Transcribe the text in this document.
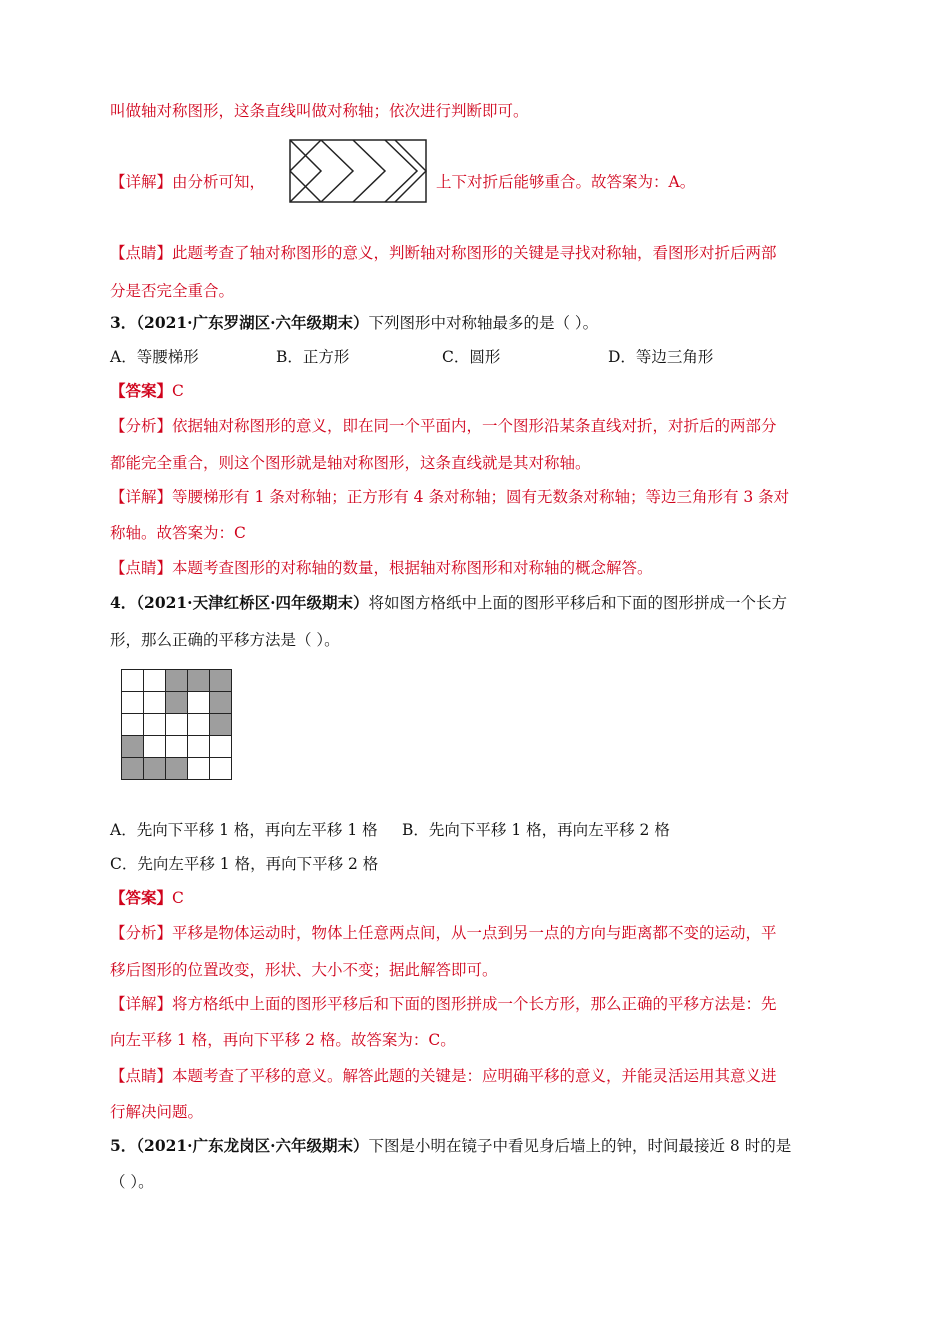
叫做轴对称图形，这条直线叫做对称轴；依次进行判断即可。
【详解】由分析可知，	上下对折后能够重合。故答案为：A。
【点睛】此题考查了轴对称图形的意义，判断轴对称图形的关键是寻找对称轴，看图形对折后两部
分是否完全重合。
3．（2021·广东罗湖区·六年级期末）下列图形中对称轴最多的是（ ）。
A．等腰梯形	B．正方形	C．圆形	D．等边三角形
【答案】C
【分析】依据轴对称图形的意义，即在同一个平面内，一个图形沿某条直线对折，对折后的两部分
都能完全重合，则这个图形就是轴对称图形，这条直线就是其对称轴。
【详解】等腰梯形有 1 条对称轴；正方形有 4 条对称轴；圆有无数条对称轴；等边三角形有 3 条对
称轴。故答案为：C
【点睛】本题考查图形的对称轴的数量，根据轴对称图形和对称轴的概念解答。
4．（2021·天津红桥区·四年级期末）将如图方格纸中上面的图形平移后和下面的图形拼成一个长方
形，那么正确的平移方法是（ ）。

A．先向下平移 1 格，再向左平移 1 格 B．先向下平移 1 格，再向左平移 2 格
C．先向左平移 1 格，再向下平移 2 格
【答案】C
【分析】平移是物体运动时，物体上任意两点间，从一点到另一点的方向与距离都不变的运动，平
移后图形的位置改变，形状、大小不变；据此解答即可。
【详解】将方格纸中上面的图形平移后和下面的图形拼成一个长方形，那么正确的平移方法是：先
向左平移 1 格，再向下平移 2 格。故答案为：C。
【点睛】本题考查了平移的意义。解答此题的关键是：应明确平移的意义，并能灵活运用其意义进
行解决问题。
5．（2021·广东龙岗区·六年级期末）下图是小明在镜子中看见身后墙上的钟，时间最接近 8 时的是
（ ）。
